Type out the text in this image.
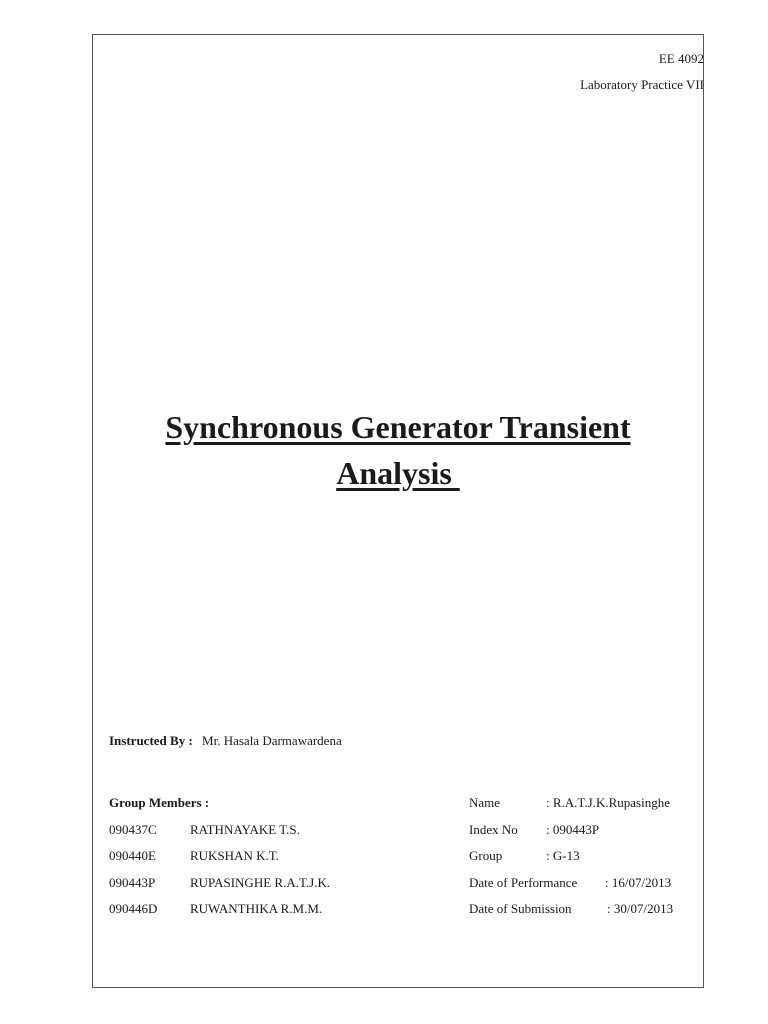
EE 4092
Laboratory Practice VII
Synchronous Generator Transient
Analysis
Instructed By : Mr. Hasala Darmawardena
Group Members :
090437C	RATHNAYAKE T.S.
090440E	RUKSHAN K.T.
090443P	RUPASINGHE R.A.T.J.K.
090446D	RUWANTHIKA R.M.M.
Name	: R.A.T.J.K.Rupasinghe
Index No : 090443P
Group	: G-13
Date of Performance : 16/07/2013
Date of Submission	: 30/07/2013
